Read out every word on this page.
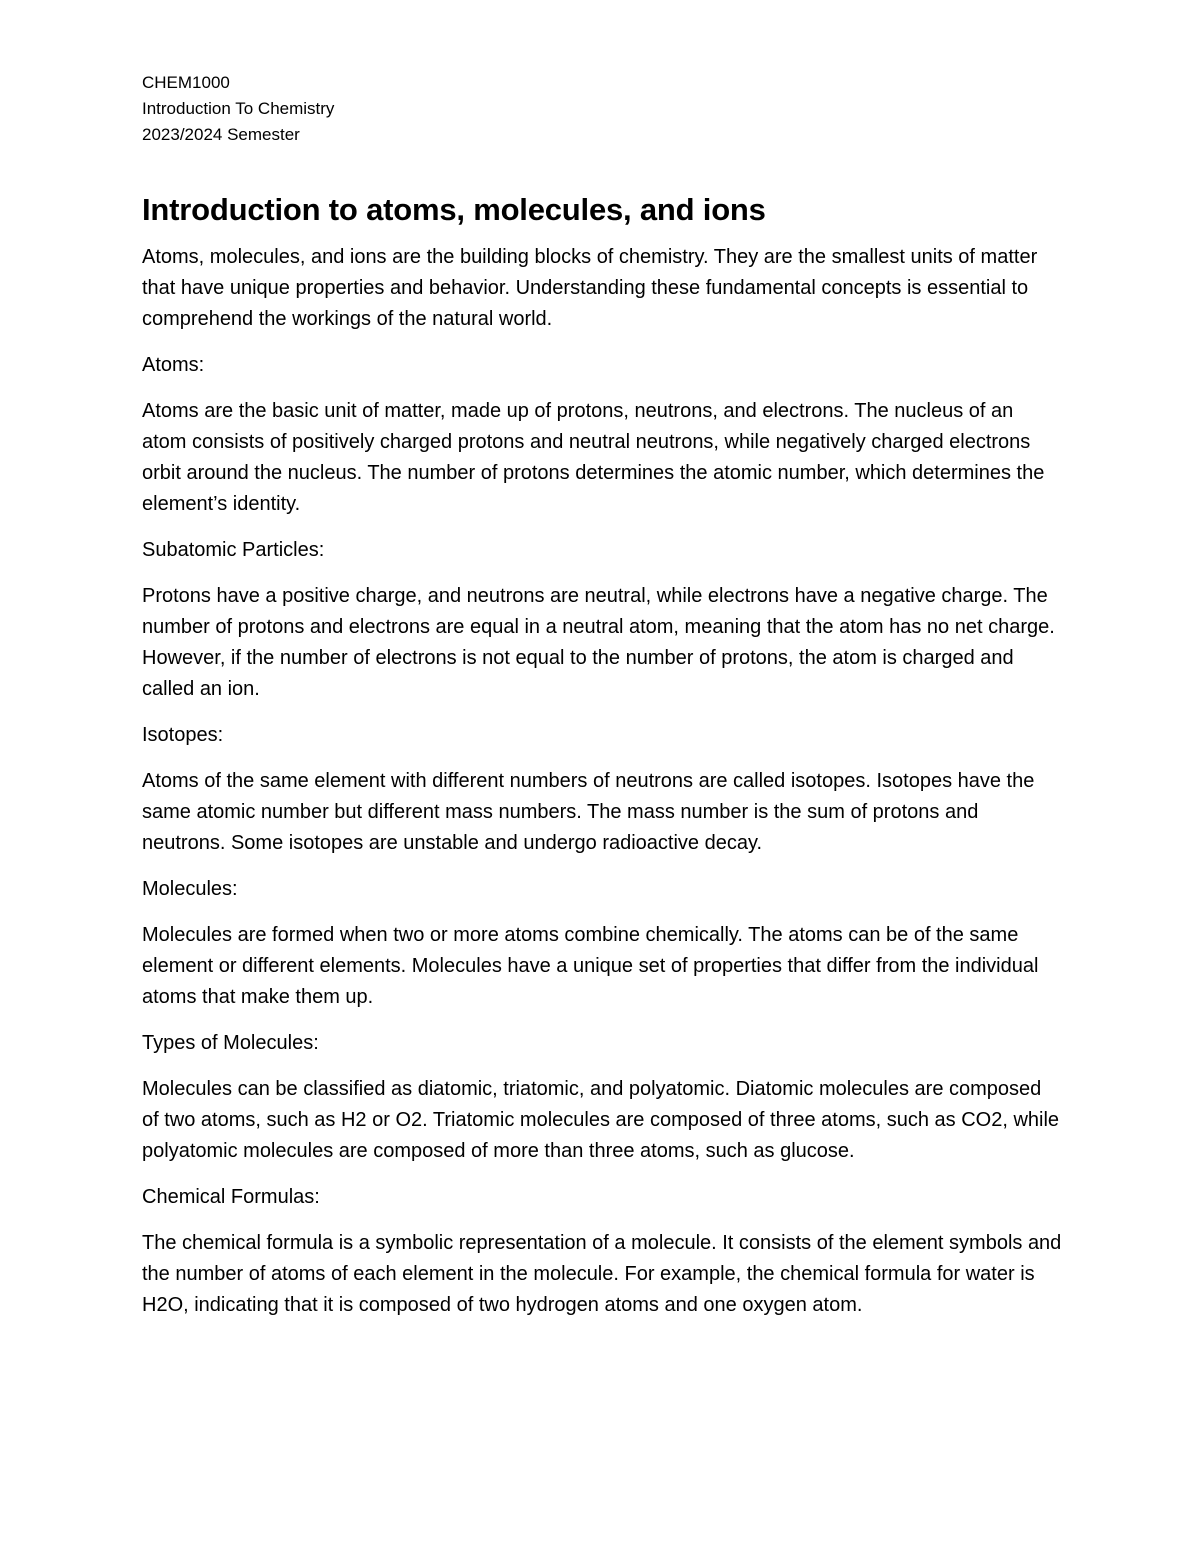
CHEM1000

Introduction To Chemistry

2023/2024 Semester

Introduction to atoms, molecules, and ions

Atoms, molecules, and ions are the building blocks of chemistry. They are the smallest units of matter that have unique properties and behavior. Understanding these fundamental concepts is essential to comprehend the workings of the natural world.

Atoms:

Atoms are the basic unit of matter, made up of protons, neutrons, and electrons. The nucleus of an atom consists of positively charged protons and neutral neutrons, while negatively charged electrons orbit around the nucleus. The number of protons determines the atomic number, which determines the element’s identity.

Subatomic Particles:

Protons have a positive charge, and neutrons are neutral, while electrons have a negative charge. The number of protons and electrons are equal in a neutral atom, meaning that the atom has no net charge. However, if the number of electrons is not equal to the number of protons, the atom is charged and called an ion.

Isotopes:

Atoms of the same element with different numbers of neutrons are called isotopes. Isotopes have the same atomic number but different mass numbers. The mass number is the sum of protons and neutrons. Some isotopes are unstable and undergo radioactive decay.

Molecules:

Molecules are formed when two or more atoms combine chemically. The atoms can be of the same element or different elements. Molecules have a unique set of properties that differ from the individual atoms that make them up.

Types of Molecules:

Molecules can be classified as diatomic, triatomic, and polyatomic. Diatomic molecules are composed of two atoms, such as H2 or O2. Triatomic molecules are composed of three atoms, such as CO2, while polyatomic molecules are composed of more than three atoms, such as glucose.

Chemical Formulas:

The chemical formula is a symbolic representation of a molecule. It consists of the element symbols and the number of atoms of each element in the molecule. For example, the chemical formula for water is H2O, indicating that it is composed of two hydrogen atoms and one oxygen atom.
